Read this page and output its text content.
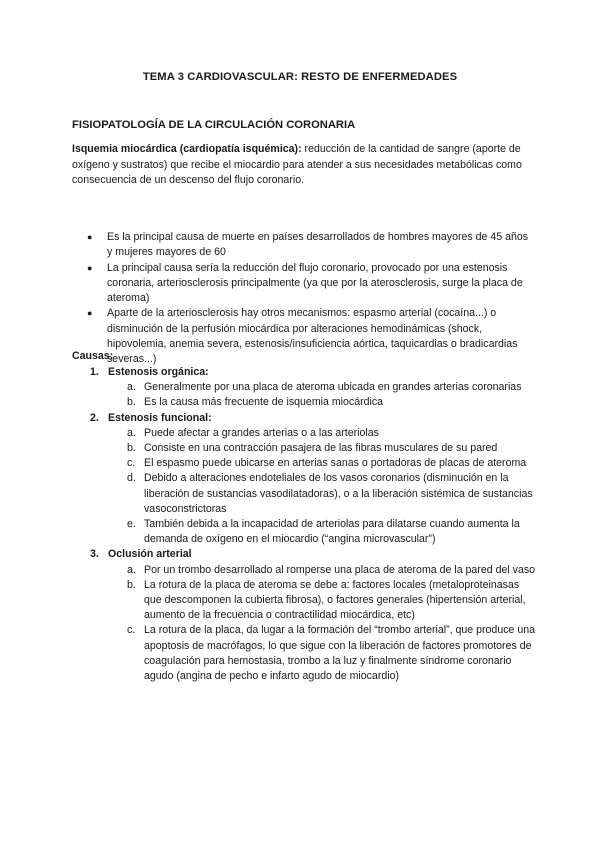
TEMA 3 CARDIOVASCULAR: RESTO DE ENFERMEDADES
FISIOPATOLOGÍA DE LA CIRCULACIÓN CORONARIA
Isquemia miocárdica (cardiopatía isquémica): reducción de la cantidad de sangre (aporte de oxígeno y sustratos) que recibe el miocardio para atender a sus necesidades metabólicas como consecuencia de un descenso del flujo coronario.
● Es la principal causa de muerte en países desarrollados de hombres mayores de 45 años y mujeres mayores de 60
● La principal causa sería la reducción del flujo coronario, provocado por una estenosis coronaria, arteriosclerosis principalmente (ya que por la aterosclerosis, surge la placa de ateroma)
● Aparte de la arteriosclerosis hay otros mecanismos: espasmo arterial (cocaína...) o disminución de la perfusión miocárdica por alteraciones hemodinámicas (shock, hipovolemia, anemia severa, estenosis/insuficiencia aórtica, taquicardias o bradicardias severas...)
Causas:
1. Estenosis orgánica:
a. Generalmente por una placa de ateroma ubicada en grandes arterias coronarias
b. Es la causa más frecuente de isquemia miocárdica
2. Estenosis funcional:
a. Puede afectar a grandes arterias o a las arteriolas
b. Consiste en una contracción pasajera de las fibras musculares de su pared
c. El espasmo puede ubicarse en arterias sanas o portadoras de placas de ateroma
d. Debido a alteraciones endoteliales de los vasos coronarios (disminución en la liberación de sustancias vasodilatadoras), o a la liberación sistémica de sustancias vasoconstrictoras
e. También debida a la incapacidad de arteriolas para dilatarse cuando aumenta la demanda de oxígeno en el miocardio (“angina microvascular”)
3. Oclusión arterial
a. Por un trombo desarrollado al romperse una placa de ateroma de la pared del vaso
b. La rotura de la placa de ateroma se debe a: factores locales (metaloproteinasas que descomponen la cubierta fibrosa), o factores generales (hipertensión arterial, aumento de la frecuencia o contractilidad miocárdica, etc)
c. La rotura de la placa, da lugar a la formación del “trombo arterial”, que produce una apoptosis de macrófagos, lo que sigue con la liberación de factores promotores de coagulación para hemostasia, trombo a la luz y finalmente síndrome coronario agudo (angina de pecho e infarto agudo de miocardio)
